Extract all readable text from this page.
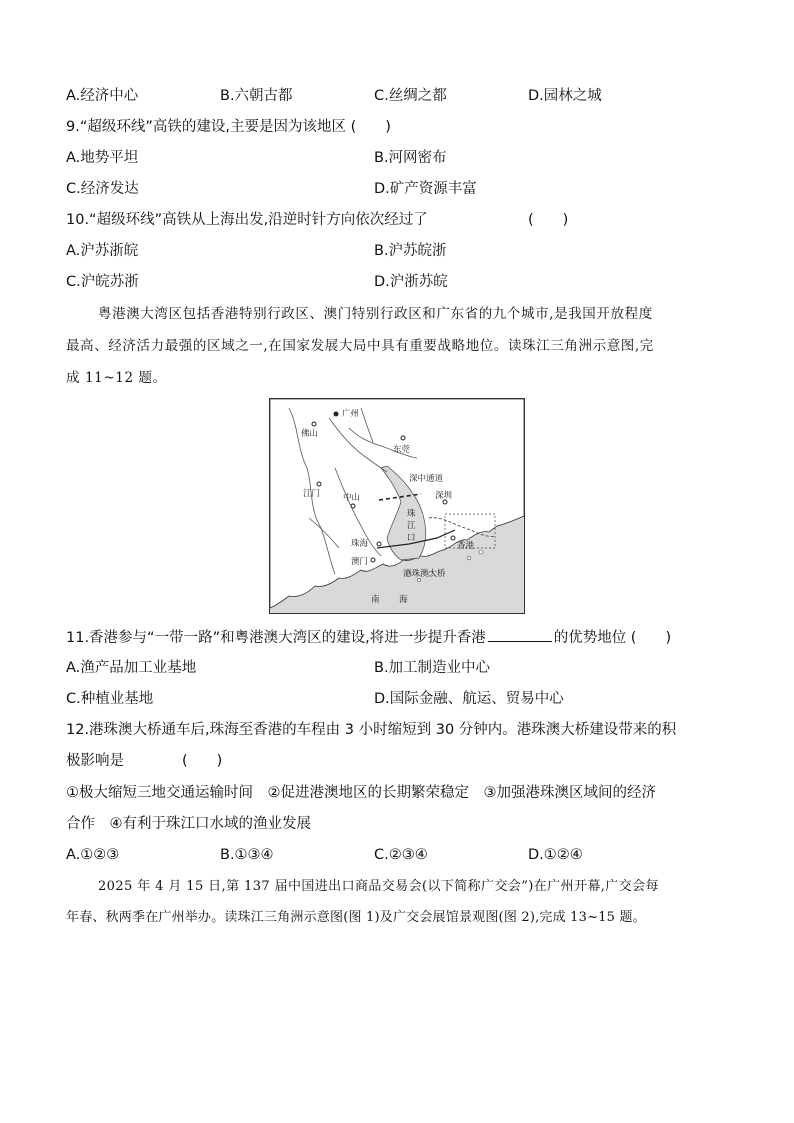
A.经济中心	B.六朝古都	C.丝绸之都	D.园林之城
9.“超级环线”高铁的建设,主要是因为该地区 (　　)
A.地势平坦	B.河网密布
C.经济发达	D.矿产资源丰富
10.“超级环线”高铁从上海出发,沿逆时针方向依次经过了	(　　)
A.沪苏浙皖	B.沪苏皖浙
C.沪皖苏浙	D.沪浙苏皖
粤港澳大湾区包括香港特别行政区、澳门特别行政区和广东省的九个城市,是我国开放程度
最高、经济活力最强的区域之一,在国家发展大局中具有重要战略地位。读珠江三角洲示意图,完
成 11~12 题。
广州
佛山
东莞
深中通道
江门	中山	深圳
珠
江
口
珠海	香港
澳门
港珠澳大桥
南 海
11.香港参与“一带一路”和粤港澳大湾区的建设,将进一步提升香港	的优势地位 (　　)
A.渔产品加工业基地	B.加工制造业中心
C.种植业基地	D.国际金融、航运、贸易中心
12.港珠澳大桥通车后,珠海至香港的车程由 3 小时缩短到 30 分钟内。港珠澳大桥建设带来的积
极影响是　　　　(　　)
①极大缩短三地交通运输时间　②促进港澳地区的长期繁荣稳定　③加强港珠澳区域间的经济
合作　④有利于珠江口水域的渔业发展
A.①②③	B.①③④	C.②③④	D.①②④
2025 年 4 月 15 日,第 137 届中国进出口商品交易会(以下简称广交会”)在广州开幕,广交会每
年春、秋两季在广州举办。读珠江三角洲示意图(图 1)及广交会展馆景观图(图 2),完成 13~15 题。
